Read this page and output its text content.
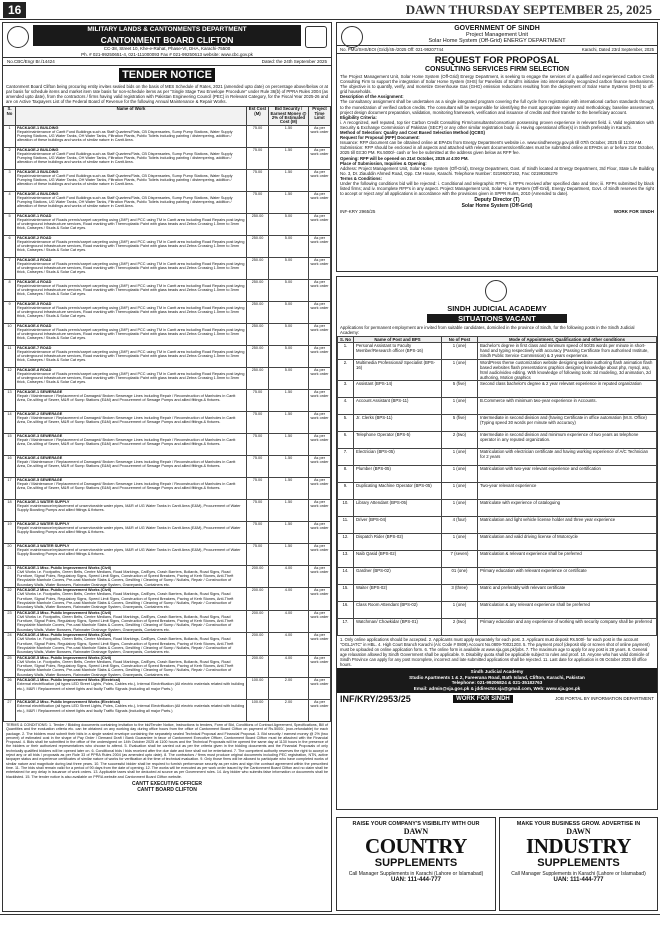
16	DAWN THURSDAY SEPTEMBER 25, 2025
MILITARY LANDS & CANTONMENTS DEPARTMENT
CANTONMENT BOARD CLIFTON
CC-38, Street 10, Khe-e-Rahat, Phase-VI, DHA, Karachi-75500
Ph. # 021-99250651-4, 021-111000093 Fax # 021-99250613 website: www.cbc.gov.pk
No.CBC/Engr Br./14424	Dated: the 24th September 2025
TENDER NOTICE
Cantonment Board Clifton being procuring entity invites sealed bids on the basis of MES Schedule of Rates, 2021 (amended upto date) on percentage above/below or at par basis for schedule items and market item rate basis for non-schedule items as per "Single Stage Two Envelope Procedure" under Rule 36(b) of PPRA Rules 2004 (as amended upto date), from the contractors / firms having valid registration with Pakistan Engineering Council (PEC) in Relevant Category, for the Fiscal Year 2025-26 and are on Active Taxpayers List of the Federal Board of Revenue for the following Annual Maintenance & Repair Works.
S. No	Name of Work	Est Cost (M)	Bid Security / Earnest Money @ 2% of Estimated Cost (M)	Project Time Limit
1	PACKAGE-1 BUILDING
Repair/maintenance of Cantt Fund Buildings such as Staff Quarters/Flats, CB Dispensaries, Sump Pump Stations, Water Supply Pumping Stations, UG Water Tanks, OH Water Tanks, Filtration Plants, Public Toilets including painting / distempering, addition / alteration of these buildings and works of similar nature in Cantt Area.	75.00	1.50	As per work order
2	PACKAGE-2 BUILDING
Repair/maintenance of Cantt Fund Buildings such as Staff Quarters/Flats, CB Dispensaries, Sump Pump Stations, Water Supply Pumping Stations, UG Water Tanks, OH Water Tanks, Filtration Plants, Public Toilets including painting / distempering, addition / alteration of these buildings and works of similar nature in Cantt Area.	75.00	1.50	As per work order
3	PACKAGE-3 BUILDING
Repair/maintenance of Cantt Fund Buildings such as Staff Quarters/Flats, CB Dispensaries, Sump Pump Stations, Water Supply Pumping Stations, UG Water Tanks, OH Water Tanks, Filtration Plants, Public Toilets including painting / distempering, addition / alteration of these buildings and works of similar nature in Cantt Area.	75.00	1.50	As per work order
4	PACKAGE-4 BUILDING
Repair/maintenance of Cantt Fund Buildings such as Staff Quarters/Flats, CB Dispensaries, Sump Pump Stations, Water Supply Pumping Stations, UG Water Tanks, OH Water Tanks, Filtration Plants, Public Toilets including painting / distempering, addition / alteration of these buildings and works of similar nature in Cantt Area.	75.00	1.50	As per work order
5	PACKAGE-1 ROAD
Repair/maintenance of Roads premix/carpet carpeting using (JMF) and PCC using TM in Cantt area including Road Repairs post laying of underground infrastructure services, Road marking with Thermoplastic Paint with glass beads and Zebra Crossing 1.5mm to 3mm thick, Catseyes / Studs & Solar Cat eyes.	250.00	5.00	As per work order
6	PACKAGE-2 ROAD
Repair/maintenance of Roads premix/carpet carpeting using (JMF) and PCC using TM in Cantt area including Road Repairs post laying of underground infrastructure services, Road marking with Thermoplastic Paint with glass beads and Zebra Crossing 1.5mm to 3mm thick, Catseyes / Studs & Solar Cat eyes.	250.00	5.00	As per work order
7	PACKAGE-3 ROAD
Repair/maintenance of Roads premix/carpet carpeting using (JMF) and PCC using TM in Cantt area including Road Repairs post laying of underground infrastructure services, Road marking with Thermoplastic Paint with glass beads and Zebra Crossing 1.5mm to 3mm thick, Catseyes / Studs & Solar Cat eyes.	250.00	5.00	As per work order
8	PACKAGE-4 ROAD
Repair/maintenance of Roads premix/carpet carpeting using (JMF) and PCC using TM in Cantt area including Road Repairs post laying of underground infrastructure services, Road marking with Thermoplastic Paint with glass beads and Zebra Crossing 1.5mm to 3mm thick, Catseyes / Studs & Solar Cat eyes.	250.00	5.00	As per work order
9	PACKAGE-5 ROAD
Repair/maintenance of Roads premix/carpet carpeting using (JMF) and PCC using TM in Cantt area including Road Repairs post laying of underground infrastructure services, Road marking with Thermoplastic Paint with glass beads and Zebra Crossing 1.5mm to 3mm thick, Catseyes / Studs & Solar Cat eyes.	250.00	5.00	As per work order
10	PACKAGE-6 ROAD
Repair/maintenance of Roads premix/carpet carpeting using (JMF) and PCC using TM in Cantt area including Road Repairs post laying of underground infrastructure services, Road marking with Thermoplastic Paint with glass beads and Zebra Crossing 1.5mm to 3mm thick, Catseyes / Studs & Solar Cat eyes.	250.00	5.00	As per work order
11	PACKAGE-7 ROAD
Repair/maintenance of Roads premix/carpet carpeting using (JMF) and PCC using TM in Cantt area including Road Repairs post laying of underground infrastructure services, Road marking with Thermoplastic Paint with glass beads and Zebra Crossing 1.5mm to 3mm thick, Catseyes / Studs & Solar Cat eyes.	250.00	5.00	As per work order
12	PACKAGE-8 ROAD
Repair/maintenance of Roads premix/carpet carpeting using (JMF) and PCC using TM in Cantt area including Road Repairs post laying of underground infrastructure services, Road marking with Thermoplastic Paint with glass beads and Zebra Crossing 1.5mm to 3mm thick, Catseyes / Studs & Solar Cat eyes.	250.00	5.00	As per work order
13	PACKAGE-1 SEWERAGE
Repair / Maintenance / Replacement of Damaged/ Broken Sewerage Lines including Repair / Reconstruction of Manholes in Cantt Area, De-silting of Sewer, M&R of Sump Stations (E&M) and Procurement of Sewage Pumps and allied fittings & fixtures.	75.00	1.50	As per work order
14	PACKAGE-2 SEWERAGE
Repair / Maintenance / Replacement of Damaged/ Broken Sewerage Lines including Repair / Reconstruction of Manholes in Cantt Area, De-silting of Sewer, M&R of Sump Stations (E&M) and Procurement of Sewage Pumps and allied fittings & fixtures.	75.00	1.50	As per work order
15	PACKAGE-3 SEWERAGE
Repair / Maintenance / Replacement of Damaged/ Broken Sewerage Lines including Repair / Reconstruction of Manholes in Cantt Area, De-silting of Sewer, M&R of Sump Stations (E&M) and Procurement of Sewage Pumps and allied fittings & fixtures.	75.00	1.50	As per work order
16	PACKAGE-4 SEWERAGE
Repair / Maintenance / Replacement of Damaged/ Broken Sewerage Lines including Repair / Reconstruction of Manholes in Cantt Area, De-silting of Sewer, M&R of Sump Stations (E&M) and Procurement of Sewage Pumps and allied fittings & fixtures.	75.00	1.50	As per work order
17	PACKAGE-5 SEWERAGE
Repair / Maintenance / Replacement of Damaged/ Broken Sewerage Lines including Repair / Reconstruction of Manholes in Cantt Area, De-silting of Sewer, M&R of Sump Stations (E&M) and Procurement of Sewage Pumps and allied fittings & fixtures.	75.00	1.50	As per work order
18	PACKAGE-1 WATER SUPPLY
Repair/ maintenance/replacement of unserviceable water pipes, M&R of UG Water Tanks in Cantt Area (E&M), Procurement of Water Supply Boosting Pumps and allied fittings & fixtures.	75.00	1.50	As per work order
19	PACKAGE-2 WATER SUPPLY
Repair/ maintenance/replacement of unserviceable water pipes, M&R of UG Water Tanks in Cantt Area (E&M), Procurement of Water Supply Boosting Pumps and allied fittings & fixtures.	75.00	1.50	As per work order
20	PACKAGE-3 WATER SUPPLY
Repair/ maintenance/replacement of unserviceable water pipes, M&R of UG Water Tanks in Cantt Area (E&M), Procurement of Water Supply Boosting Pumps and allied fittings & fixtures.	75.00	1.50	As per work order
21	PACKAGE-1 Misc. Public Improvement Works (Civil)
Civil Works i.e. Footpaths, Green Belts, Centre Medians, Road Markings, CatEyes, Crash Barriers, Bollards, Road Signs, Road Furniture, Signal Poles, Regulatory Signs, Speed Limit Signs, Construction of Speed Breakers, Paving of Kerb Stones, Anti-Theft Recyclable Manhole Covers, Pre-cast Manhole Slabs & Covers, Desilting / Cleaning of Sump / Nullahs, Repair / Construction of Boundary Walls, Water Bowsers, Rainwater Drainage System, Graveyards, Containers etc.	200.00	4.00	As per work order
22	PACKAGE-2 Misc. Public Improvement Works (Civil)
Civil Works i.e. Footpaths, Green Belts, Centre Medians, Road Markings, CatEyes, Crash Barriers, Bollards, Road Signs, Road Furniture, Signal Poles, Regulatory Signs, Speed Limit Signs, Construction of Speed Breakers, Paving of Kerb Stones, Anti-Theft Recyclable Manhole Covers, Pre-cast Manhole Slabs & Covers, Desilting / Cleaning of Sump / Nullahs, Repair / Construction of Boundary Walls, Water Bowsers, Rainwater Drainage System, Graveyards, Containers etc.	200.00	4.00	As per work order
23	PACKAGE-3 Misc. Public Improvement Works (Civil)
Civil Works i.e. Footpaths, Green Belts, Centre Medians, Road Markings, CatEyes, Crash Barriers, Bollards, Road Signs, Road Furniture, Signal Poles, Regulatory Signs, Speed Limit Signs, Construction of Speed Breakers, Paving of Kerb Stones, Anti-Theft Recyclable Manhole Covers, Pre-cast Manhole Slabs & Covers, Desilting / Cleaning of Sump / Nullahs, Repair / Construction of Boundary Walls, Water Bowsers, Rainwater Drainage System, Graveyards, Containers etc.	200.00	4.00	As per work order
24	PACKAGE-4 Misc. Public Improvement Works (Civil)
Civil Works i.e. Footpaths, Green Belts, Centre Medians, Road Markings, CatEyes, Crash Barriers, Bollards, Road Signs, Road Furniture, Signal Poles, Regulatory Signs, Speed Limit Signs, Construction of Speed Breakers, Paving of Kerb Stones, Anti-Theft Recyclable Manhole Covers, Pre-cast Manhole Slabs & Covers, Desilting / Cleaning of Sump / Nullahs, Repair / Construction of Boundary Walls, Water Bowsers, Rainwater Drainage System, Graveyards, Containers etc.	200.00	4.00	As per work order
25	PACKAGE-5 Misc. Public Improvement Works (Civil)
Civil Works i.e. Footpaths, Green Belts, Centre Medians, Road Markings, CatEyes, Crash Barriers, Bollards, Road Signs, Road Furniture, Signal Poles, Regulatory Signs, Speed Limit Signs, Construction of Speed Breakers, Paving of Kerb Stones, Anti-Theft Recyclable Manhole Covers, Pre-cast Manhole Slabs & Covers, Desilting / Cleaning of Sump / Nullahs, Repair / Construction of Boundary Walls, Water Bowsers, Rainwater Drainage System, Graveyards, Containers etc.	200.00	4.00	As per work order
26	PACKAGE-1 Misc. Public Improvement Works (Electrical)
External electrification (all types LED Street Lights, Poles, Cables etc.), Internal Electrification (All electric materials related with building etc.), M&R / Replacement of street lights and faulty Traffic Signals (including all major Parts.)	100.00	2.00	As per work order
27	PACKAGE-2 Misc. Public Improvement Works (Electrical)
External electrification (all types LED Street Lights, Poles, Cables etc.), Internal Electrification (All electric materials related with building etc.), M&R / Replacement of street lights and faulty Traffic Signals (including all major Parts.)	100.00	2.00	As per work order
TERMS & CONDITIONS: 1. Tender / Bidding documents containing invitation to the bid/Tender Notice, Instructions to tenders, Form of Bid, Conditions of Contract Agreement, Specifications, Bill of Quantities and the evaluation criteria etc. can be obtained on any working day during office hours from the office of Cantonment Board Clifton on payment of Rs.5000/- (non-refundable) for each package. 2. The bidders must submit their bids in a single sealed envelope containing the separately sealed Technical Proposal and Financial Proposal. 3. Bid security / earnest money @ 2% (two percent) of estimated cost in the shape of Pay Order / Demand Draft / Bank Guarantee in favor of Cantonment Executive Officer, Cantonment Board Clifton must be attached with the Financial Proposal. 4. Bids shall be submitted in the office of the undersigned on 14th October 2025 at 1100 hours and the Technical Proposals will be opened the same day at 1130 hours in the presence of the bidders or their authorized representatives who choose to attend. 5. Evaluation shall be carried out as per the criteria given in the bidding documents and the Financial Proposals of only technically qualified bidders will be opened later on. 6. Conditional bids / bids received after the due date and time shall not be entertained. 7. The competent authority reserves the right to accept or reject any or all bids / proposals as per Rule 33 of PPRA Rules 2004 (as amended upto date). 8. The contractors / firms must produce original documents including PEC registration, NTN, active taxpayer status and experience certificates of similar nature of works for verification at the time of technical evaluation. 9. Only those firms will be allowed to participate who have completed works of similar nature and magnitude during last three years. 10. The successful bidder shall be required to furnish performance security as per rules and sign the contract agreement within the prescribed time. 11. The bids shall remain valid for a period of 90 days from the date of opening. 12. The works will be executed as per work order issued by the Cantonment Board Clifton and no claim shall be entertained for any delay in issuance of work orders. 13. Applicable taxes shall be deducted at source as per Government rules. 14. Any bidder who submits false information or documents shall be blacklisted. 15. The tender notice is also available on PPRA website and Cantonment Board Clifton website.
CANTT EXECUTIVE OFFICER
CANTT BOARD CLIFTON
GOVERNMENT OF SINDH
Project Management Unit
Solar Home System (Off-Grid) ENERGY DEPARTMENT
No. PMU/SHS/EOI (Grid)/45-/2025 Off: 021-99207744	Karachi, Dated 23rd September, 2025
REQUEST FOR PROPOSAL
CONSULTING SERVICES FIRM SELECTION
The Project Management Unit, Solar Home System (Off-Grid) Energy Department, is seeking to engage the services of a qualified and experienced Carbon Credit Consulting Firm to support the integration of Solar Home System (SHS) for Panelists of Sindh's initiative into internationally recognized carbon finance mechanisms. The objective is to quantify, verify, and monetize Greenhouse Gas (GHG) emission reductions resulting from the deployment of Solar Home Systems (SHS) to off-grid households.
Description of the Assignment:
The consultancy assignment shall be undertaken as a single integrated program covering the full cycle from registration with international carbon standards through to the monetization of verified carbon credits. The consultant will be responsible for identifying the most appropriate registry and methodology, baseline assessment, project design document preparation, validation, monitoring framework, verification and issuance of credits and their transfer to the beneficiary account.
Eligibility Criteria:
i. A recognized, well reputed, top tier Carbon Credit Consulting Firm/consultants/consortium possessing proven experience in relevant field. ii. Valid registration with Security & Exchange Commission of Pakistan (SECP) or any other similar registration body. iii. Having operational office(s) in Sindh preferably in Karachi.
Method of Selection: Quality and Cost Based Selection Method (QCBS)
Request for Proposal (RFP) Document:
Issuance: RFP document can be obtained online at EPADs from Energy Department's website i.e. www.sindhenergy.gov.pk till 07th October, 2025 till 11:00 AM.
Submission: RFP should be enclosed in all aspects and attached with relevant documents/certificates must be submitted online at EPADs on or before 21st October, 2025 till 03:30 PM. Rs.5000/- cash or fee be submitted at the address given below as RFP fee.
Opening: RFP will be opened on 21st October, 2025 at 4:00 PM.
Place of Submission, Inquiries & Opening:
Address: Project Management Unit, Solar Home System (Off-Grid), Energy Department, Govt. of Sindh located at Energy Department, 3rd Floor, State Life Building No. 3, Dr. Ziauddin Ahmed Road, Opp. CM House, Karachi. Telephone Number: 02199207162, Fax: 02199206279
Terms & Conditions:
Under the following conditions bid will be rejected: i. Conditional and telegraphic RFPs; ii. RFPs received after specified date and time; iii. RFPs submitted by black listed firms; and iv. Incomplete RFP's in any aspect. Project Management Unit, Solar Home System (Off-Grid), Energy Department, Govt. of Sindh reserves the right to accept or reject any/ all applications in accordance with the provisions given in SPPR Rules, 2010 (Amended to date).
Deputy Director (T)
Solar Home System (Off-Grid)
INF-KRY 2965/25	WORK FOR SINDH
SINDH JUDICIAL ACADEMY
SITUATIONS VACANT
Applications for permanent employment are invited from suitable candidates, domiciled in the province of Sindh, for the following posts in the Sindh Judicial Academy:
S. No	Name of Post and BPS	No of Post	Mode of Appointment, Qualification and other conditions
1.	Personal Assistant to Faculty Member/Research officer (BPS-16)	1 (one)	Bachelor's degree in first class and minimum speed of 50/35 words per minute in short-hand and typing respectively with accuracy (Passing Certificate from authorised Institute, Sindh Public Service Commission) & 3 years experience.
2.	Multimedia Professional/ Specialist (BPS-16)	1 (one)	WordPress theme customization website designing website authoring flash animation flash based websites flash presentations graphics designing knowledge about php, mysql, asp, html audio/video editing. With knowledge of following tools: 3d modeling, 3d animation, 2d authoring, Motion graphics
3.	Assistant (BPS-14)	5 (five)	Second class bachelor's degree & 2 year relevant experience in reputed organization
4.	Account Assistant (BPS-11)	1 (one)	B.Commerce with minimum two-year experience in Accounts.
5.	Jr. Clerks (BPS-11)	5 (five)	Intermediate in second division and (having Certificate in office automation (M.S. Office) (Typing speed 30 words per minute with accuracy)
6.	Telephone Operator (BPS-5)	2 (two)	Intermediate in second division and minimum experience of two years as telephone operator in any reputed organization.
7.	Electrician (BPS-05)	1 (one)	Matriculation with electrician certificate and having working experience of A/C Technician for 2 years
8.	Plumber (BPS-05)	1 (one)	Matriculation with two-year relevant experience and certification
9.	Duplicating Machine Operator (BPS-05)	1 (one)	Two-year relevant experience
10.	Library Attendant (BPS-05)	1 (one)	Matriculate with experience of cataloguing
11.	Driver (BPS-04)	4 (four)	Matriculation and light vehicle license holder and three year experience
12.	Dispatch Rider (BPS-02)	1 (one)	Matriculation and valid driving license of Motorcycle
13.	Naib Qasid (BPS-02)	7 (seven)	Matriculation & relevant experience shall be preferred
14.	Gardner (BPS-02)	01 (one)	Primary education with relevant experience or certificate
15.	Waiter (BPS-02)	3 (three)	Matric and preferably with relevant certificate
16.	Class Room Attendant (BPS-02)	1 (one)	Matriculation & any relevant experience shall be preferred
17.	Watchman/ Chowkidar (BPS-01)	2 (two)	Primary education and any experience of working with security company shall be preferred
1. Only online applications should be accepted. 2. Applicants must apply separately for each post. 3. Applicant must deposit Rs.500/- for each post in the account "OGLJATC" in HBL. 4. High Court Branch Karachi (A/c Code # 0809) Account No.0809-70021203. 5. The payment proof (deposit slip or screen shot of online payment) must be uploaded on online application form. 6. The online form is available at www.sja.gos.pk/jobs. 7. The maximum age to apply for any post is 28 years. 8. General age relaxation allowed by Sindh Government shall be applicable. 9. Disability quota shall be applicable subject to rules and proof. 10. Anyone who has valid domicile of Sindh Province can apply for any post Incomplete, incorrect and late submitted applications shall be rejected. 11. Last date for application is 06 October 2025 till office hours.
Sindh Judicial Academy
Studio Apartments 1 & 2, Fareerana Road, Bath Island, Clifton, Karachi, Pakistan
Telephone: 021-99206824 & 021-35183763
Email: admin@sja.gos.pk & jddirector.sja@gmail.com, Web: www.sja.gos.pk
INF/KRY/2953/25	WORK FOR SINDH	JOB PORTAL BY INFORMATION DEPARTMENT
RAISE YOUR COMPANY'S VISIBILITY WITH OUR
DAWN
COUNTRY
SUPPLEMENTS
Call Manager Supplements in Karachi (Lahore or Islamabad)
UAN: 111-444-777
MAKE YOUR BUSINESS GROW. ADVERTISE IN
DAWN
INDUSTRY
SUPPLEMENTS
Call Manager Supplements in Karachi (Lahore or Islamabad)
UAN: 111-444-777
